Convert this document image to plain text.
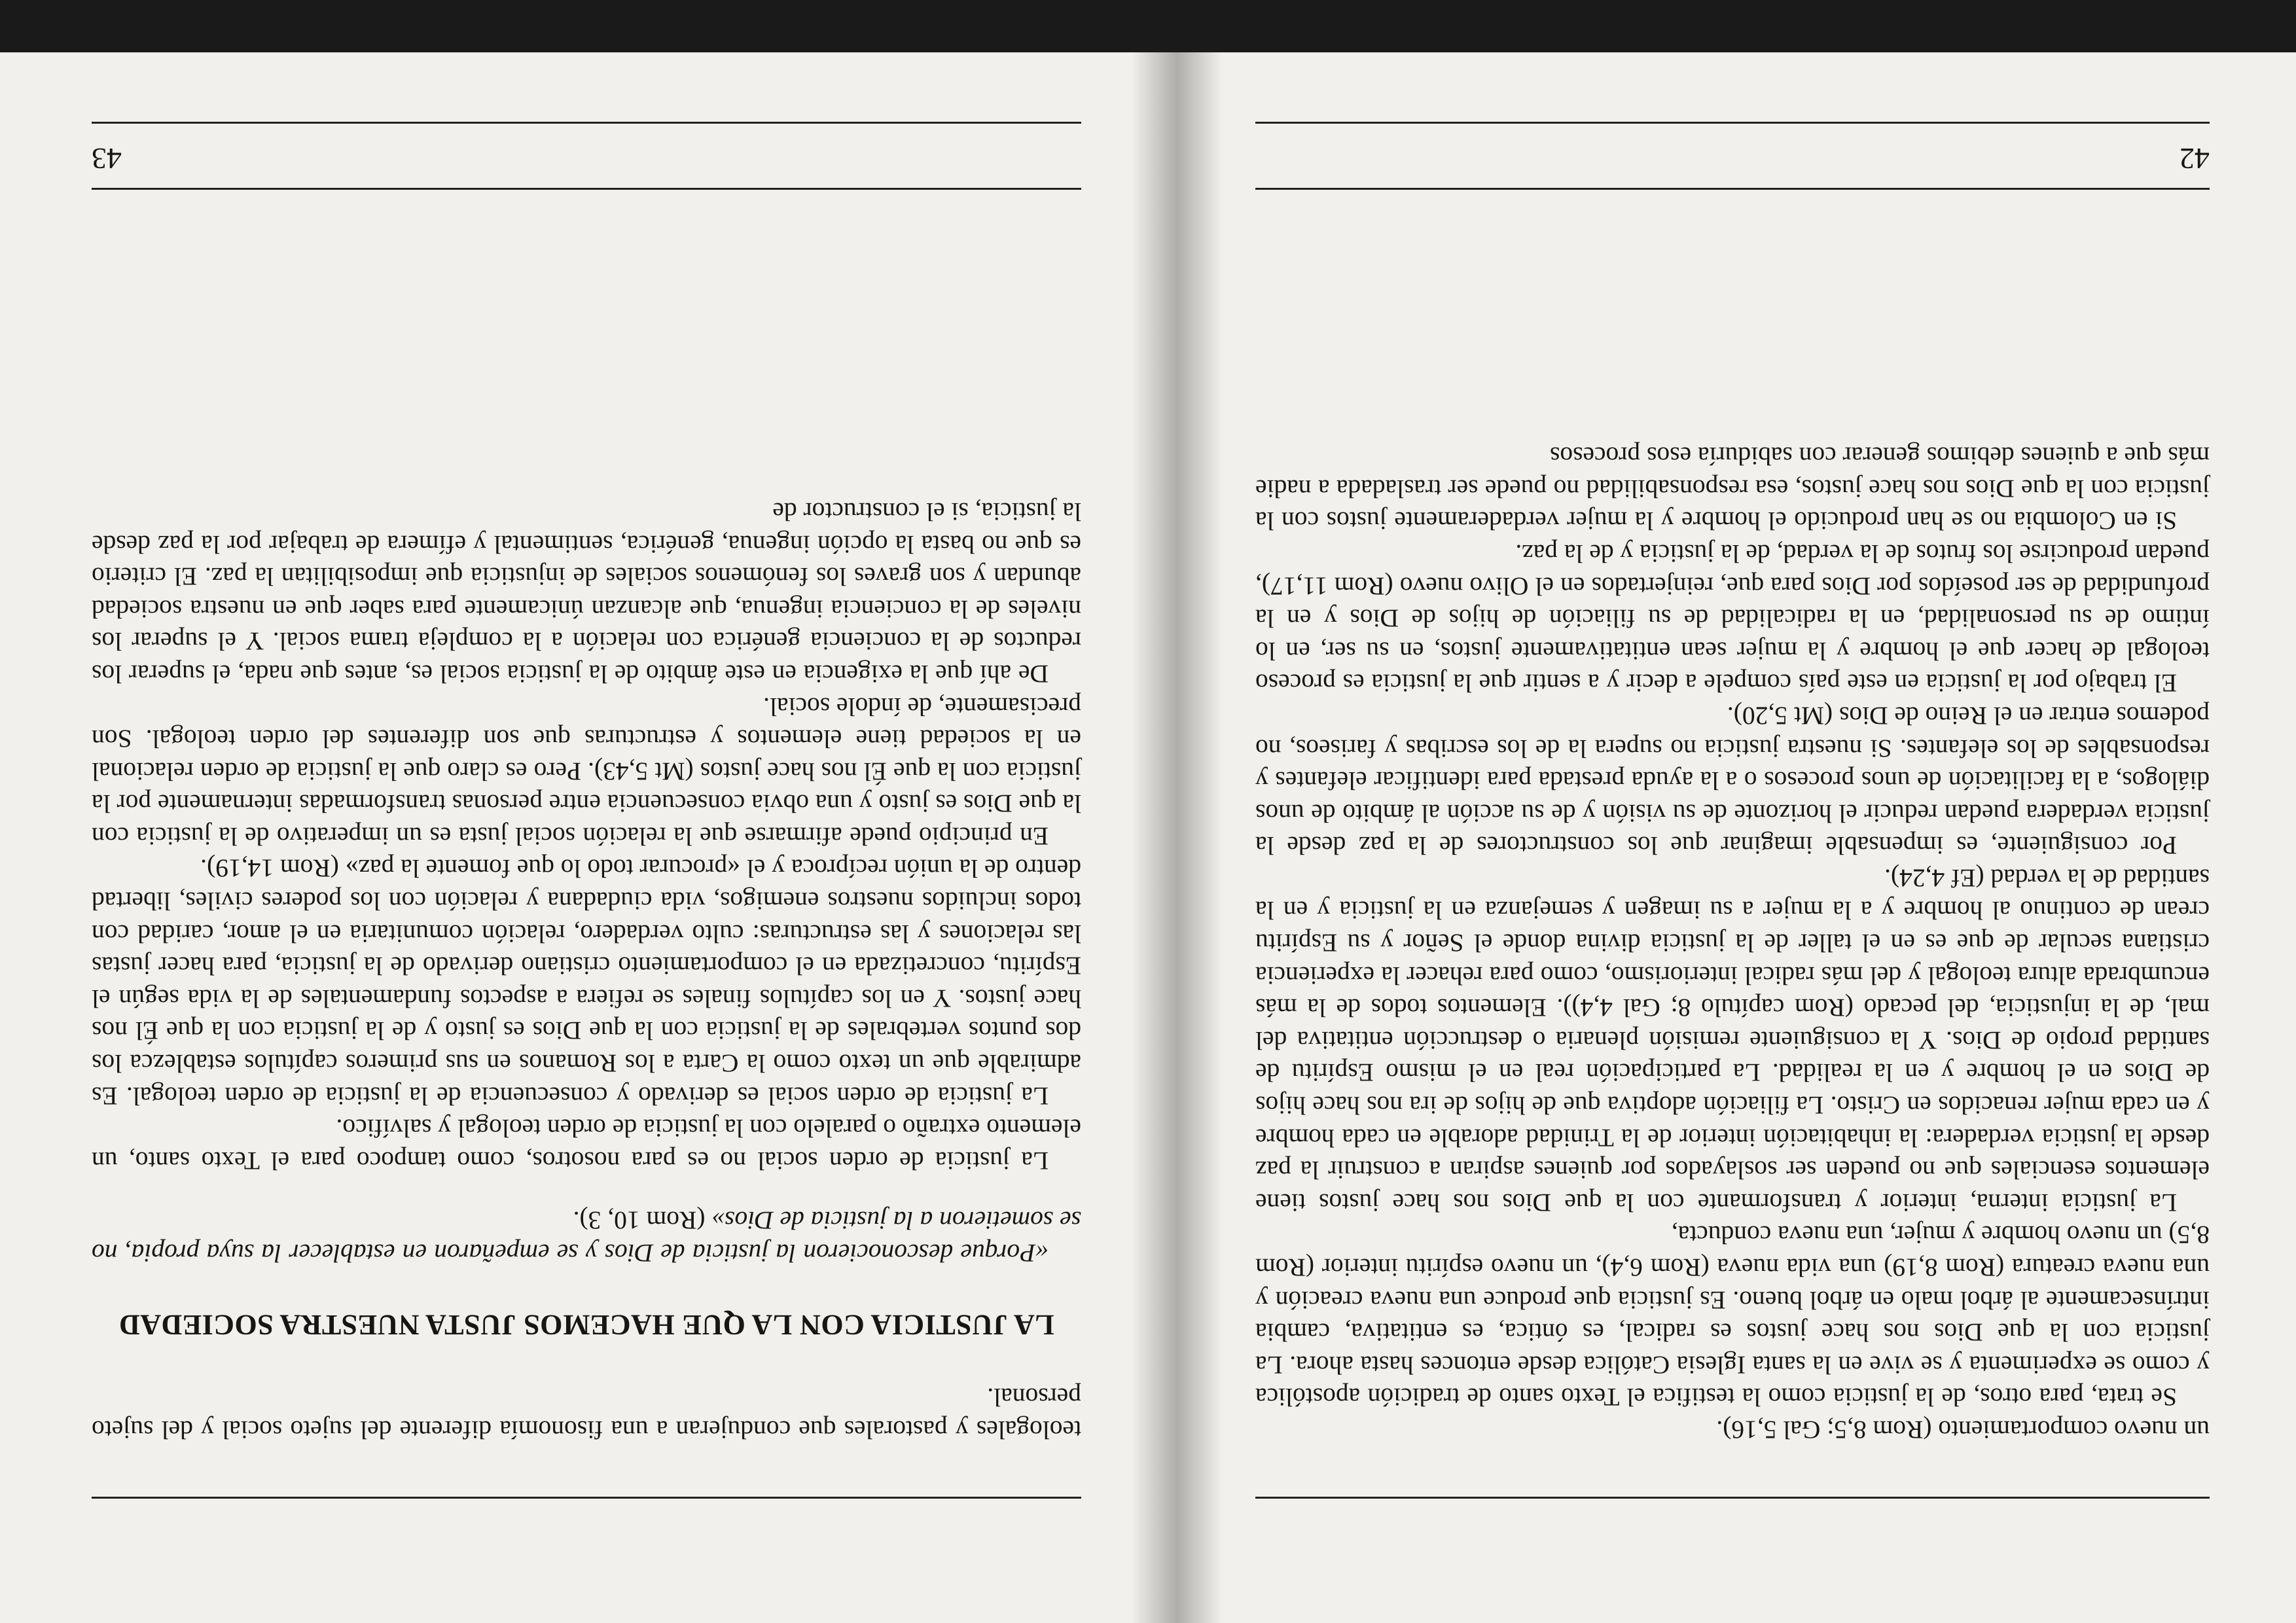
un nuevo comportamiento (Rom 8,5; Gal 5,16).

Se trata, para otros, de la justicia como la testifica el Texto santo de tradición apostólica y como se experimenta y se vive en la santa Iglesia Católica desde entonces hasta ahora. La justicia con la que Dios nos hace justos es radical, es óntica, es entitativa, cambia intrínsecamente al árbol malo en árbol bueno. Es justicia que produce una nueva creación y una nueva creatura (Rom 8,19) una vida nueva (Rom 6,4), un nuevo espíritu interior (Rom 8,5) un nuevo hombre y mujer, una nueva conducta,

La justicia interna, interior y transformante con la que Dios nos hace justos tiene elementos esenciales que no pueden ser soslayados por quienes aspiran a construir la paz desde la justicia verdadera: la inhabitación interior de la Trinidad adorable en cada hombre y en cada mujer renacidos en Cristo. La filiación adoptiva que de hijos de ira nos hace hijos de Dios en el hombre y en la realidad. La participación real en el mismo Espíritu de santidad propio de Dios. Y la consiguiente remisión plenaria o destrucción entitativa del mal, de la injusticia, del pecado (Rom capítulo 8; Gal 4,4)). Elementos todos de la más encumbrada altura teologal y del más radical interiorismo, como para rehacer la experiencia cristiana secular de que es en el taller de la justicia divina donde el Señor y su Espíritu crean de continuo al hombre y a la mujer a su imagen y semejanza en la justicia y en la santidad de la verdad (Ef 4,24).

Por consiguiente, es impensable imaginar que los constructores de la paz desde la justicia verdadera puedan reducir el horizonte de su visión y de su acción al ámbito de unos diálogos, a la facilitación de unos procesos o a la ayuda prestada para identificar elefantes y responsables de los elefantes. Si nuestra justicia no supera la de los escribas y fariseos, no podemos entrar en el Reino de Dios (Mt 5,20).

El trabajo por la justicia en este país compele a decir y a sentir que la justicia es proceso teologal de hacer que el hombre y la mujer sean entitativamente justos, en su ser, en lo íntimo de su personalidad, en la radicalidad de su filiación de hijos de Dios y en la profundidad de ser poseídos por Dios para que, reinjertados en el Olivo nuevo (Rom 11,17), puedan producirse los frutos de la verdad, de la justicia y de la paz.

Si en Colombia no se han producido el hombre y la mujer verdaderamente justos con la justicia con la que Dios nos hace justos, esa responsabilidad no puede ser trasladada a nadie más que a quienes debimos generar con sabiduría esos procesos

42

teologales y pastorales que condujeran a una fisonomía diferente del sujeto social y del sujeto personal.

LA JUSTICIA CON LA QUE HACEMOS JUSTA NUESTRA SOCIEDAD

«Porque desconocieron la justicia de Dios y se empeñaron en establecer la suya propia, no se sometieron a la justicia de Dios» (Rom 10, 3).

La justicia de orden social no es para nosotros, como tampoco para el Texto santo, un elemento extraño o paralelo con la justicia de orden teologal y salvífico.

La justicia de orden social es derivado y consecuencia de la justicia de orden teologal. Es admirable que un texto como la Carta a los Romanos en sus primeros capítulos establezca los dos puntos vertebrales de la justicia con la que Dios es justo y de la justicia con la que Él nos hace justos. Y en los capítulos finales se refiera a aspectos fundamentales de la vida según el Espíritu, concretizada en el comportamiento cristiano derivado de la justicia, para hacer justas las relaciones y las estructuras: culto verdadero, relación comunitaria en el amor, caridad con todos incluidos nuestros enemigos, vida ciudadana y relación con los poderes civiles, libertad dentro de la unión recíproca y el «procurar todo lo que fomente la paz» (Rom 14,19).

En principio puede afirmarse que la relación social justa es un imperativo de la justicia con la que Dios es justo y una obvia consecuencia entre personas transformadas internamente por la justicia con la que Él nos hace justos (Mt 5,43). Pero es claro que la justicia de orden relacional en la sociedad tiene elementos y estructuras que son diferentes del orden teologal. Son precisamente, de índole social.

De ahí que la exigencia en este ámbito de la justicia social es, antes que nada, el superar los reductos de la conciencia genérica con relación a la compleja trama social. Y el superar los niveles de la conciencia ingenua, que alcanzan únicamente para saber que en nuestra sociedad abundan y son graves los fenómenos sociales de injusticia que imposibilitan la paz. El criterio es que no basta la opción ingenua, genérica, sentimental y efímera de trabajar por la paz desde la justicia, si el constructor de

43
